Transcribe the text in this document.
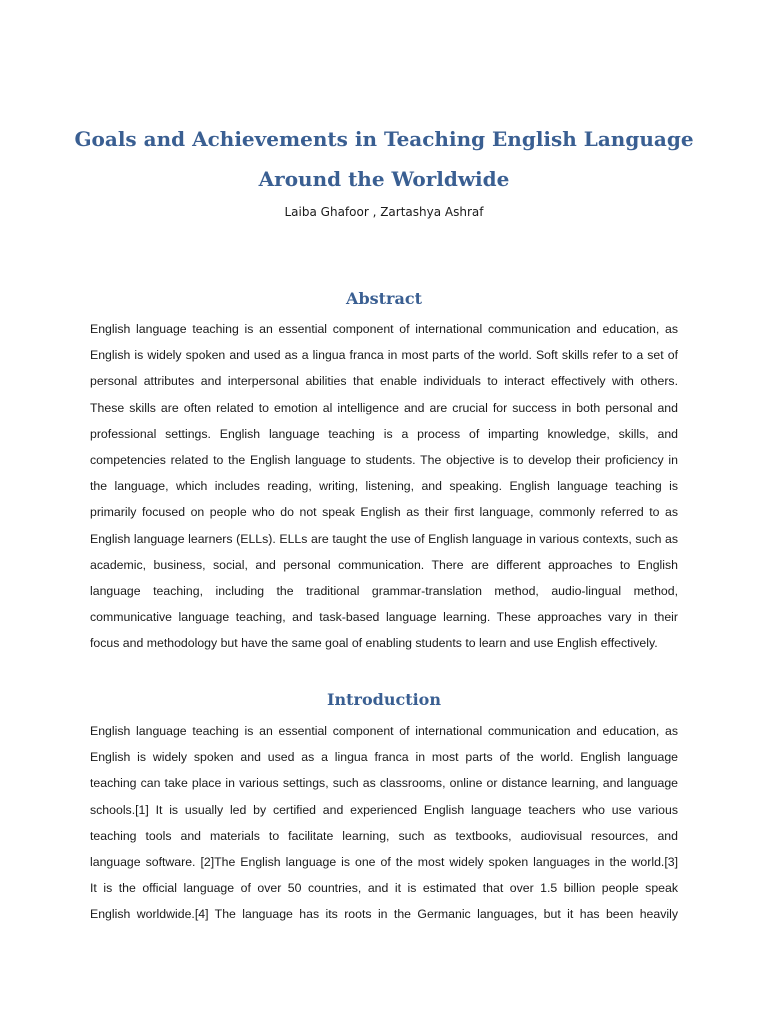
Goals and Achievements in Teaching English Language
Around the Worldwide
Laiba Ghafoor , Zartashya Ashraf
Abstract
English language teaching is an essential component of international communication and education, as
English is widely spoken and used as a lingua franca in most parts of the world. Soft skills refer to a set of
personal attributes and interpersonal abilities that enable individuals to interact effectively with others.
These skills are often related to emotion al intelligence and are crucial for success in both personal and
professional settings. English language teaching is a process of imparting knowledge, skills, and
competencies related to the English language to students. The objective is to develop their proficiency in
the language, which includes reading, writing, listening, and speaking. English language teaching is
primarily focused on people who do not speak English as their first language, commonly referred to as
English language learners (ELLs). ELLs are taught the use of English language in various contexts, such as
academic, business, social, and personal communication. There are different approaches to English
language teaching, including the traditional grammar-translation method, audio-lingual method,
communicative language teaching, and task-based language learning. These approaches vary in their
focus and methodology but have the same goal of enabling students to learn and use English effectively.
Introduction
English language teaching is an essential component of international communication and education, as
English is widely spoken and used as a lingua franca in most parts of the world. English language
teaching can take place in various settings, such as classrooms, online or distance learning, and language
schools.[1] It is usually led by certified and experienced English language teachers who use various
teaching tools and materials to facilitate learning, such as textbooks, audiovisual resources, and
language software. [2]The English language is one of the most widely spoken languages in the world.[3]
It is the official language of over 50 countries, and it is estimated that over 1.5 billion people speak
English worldwide.[4] The language has its roots in the Germanic languages, but it has been heavily
